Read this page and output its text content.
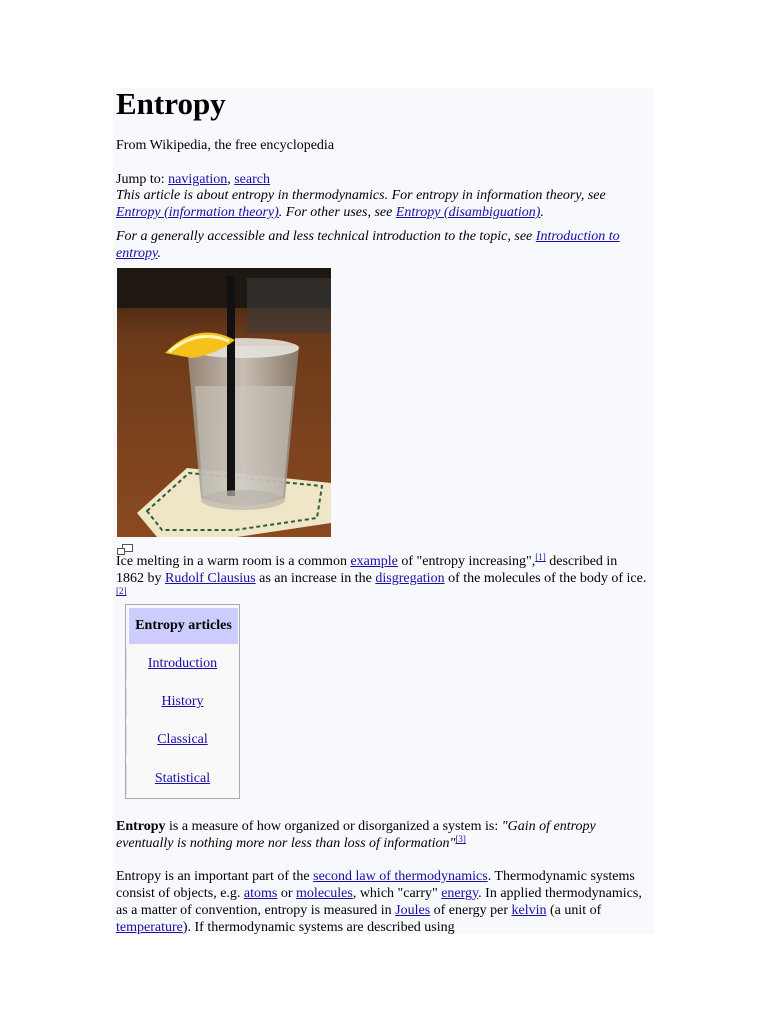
Entropy

From Wikipedia, the free encyclopedia

Jump to: navigation, search

This article is about entropy in thermodynamics. For entropy in information theory, see Entropy (information theory). For other uses, see Entropy (disambiguation).

For a generally accessible and less technical introduction to the topic, see Introduction to entropy.

Ice melting in a warm room is a common example of "entropy increasing",[1] described in 1862 by Rudolf Clausius as an increase in the disgregation of the molecules of the body of ice.[2]

Entropy articles
Introduction
History
Classical
Statistical

Entropy is a measure of how organized or disorganized a system is: "Gain of entropy eventually is nothing more nor less than loss of information"[3]

Entropy is an important part of the second law of thermodynamics. Thermodynamic systems consist of objects, e.g. atoms or molecules, which "carry" energy. In applied thermodynamics, as a matter of convention, entropy is measured in Joules of energy per kelvin (a unit of temperature). If thermodynamic systems are described using
